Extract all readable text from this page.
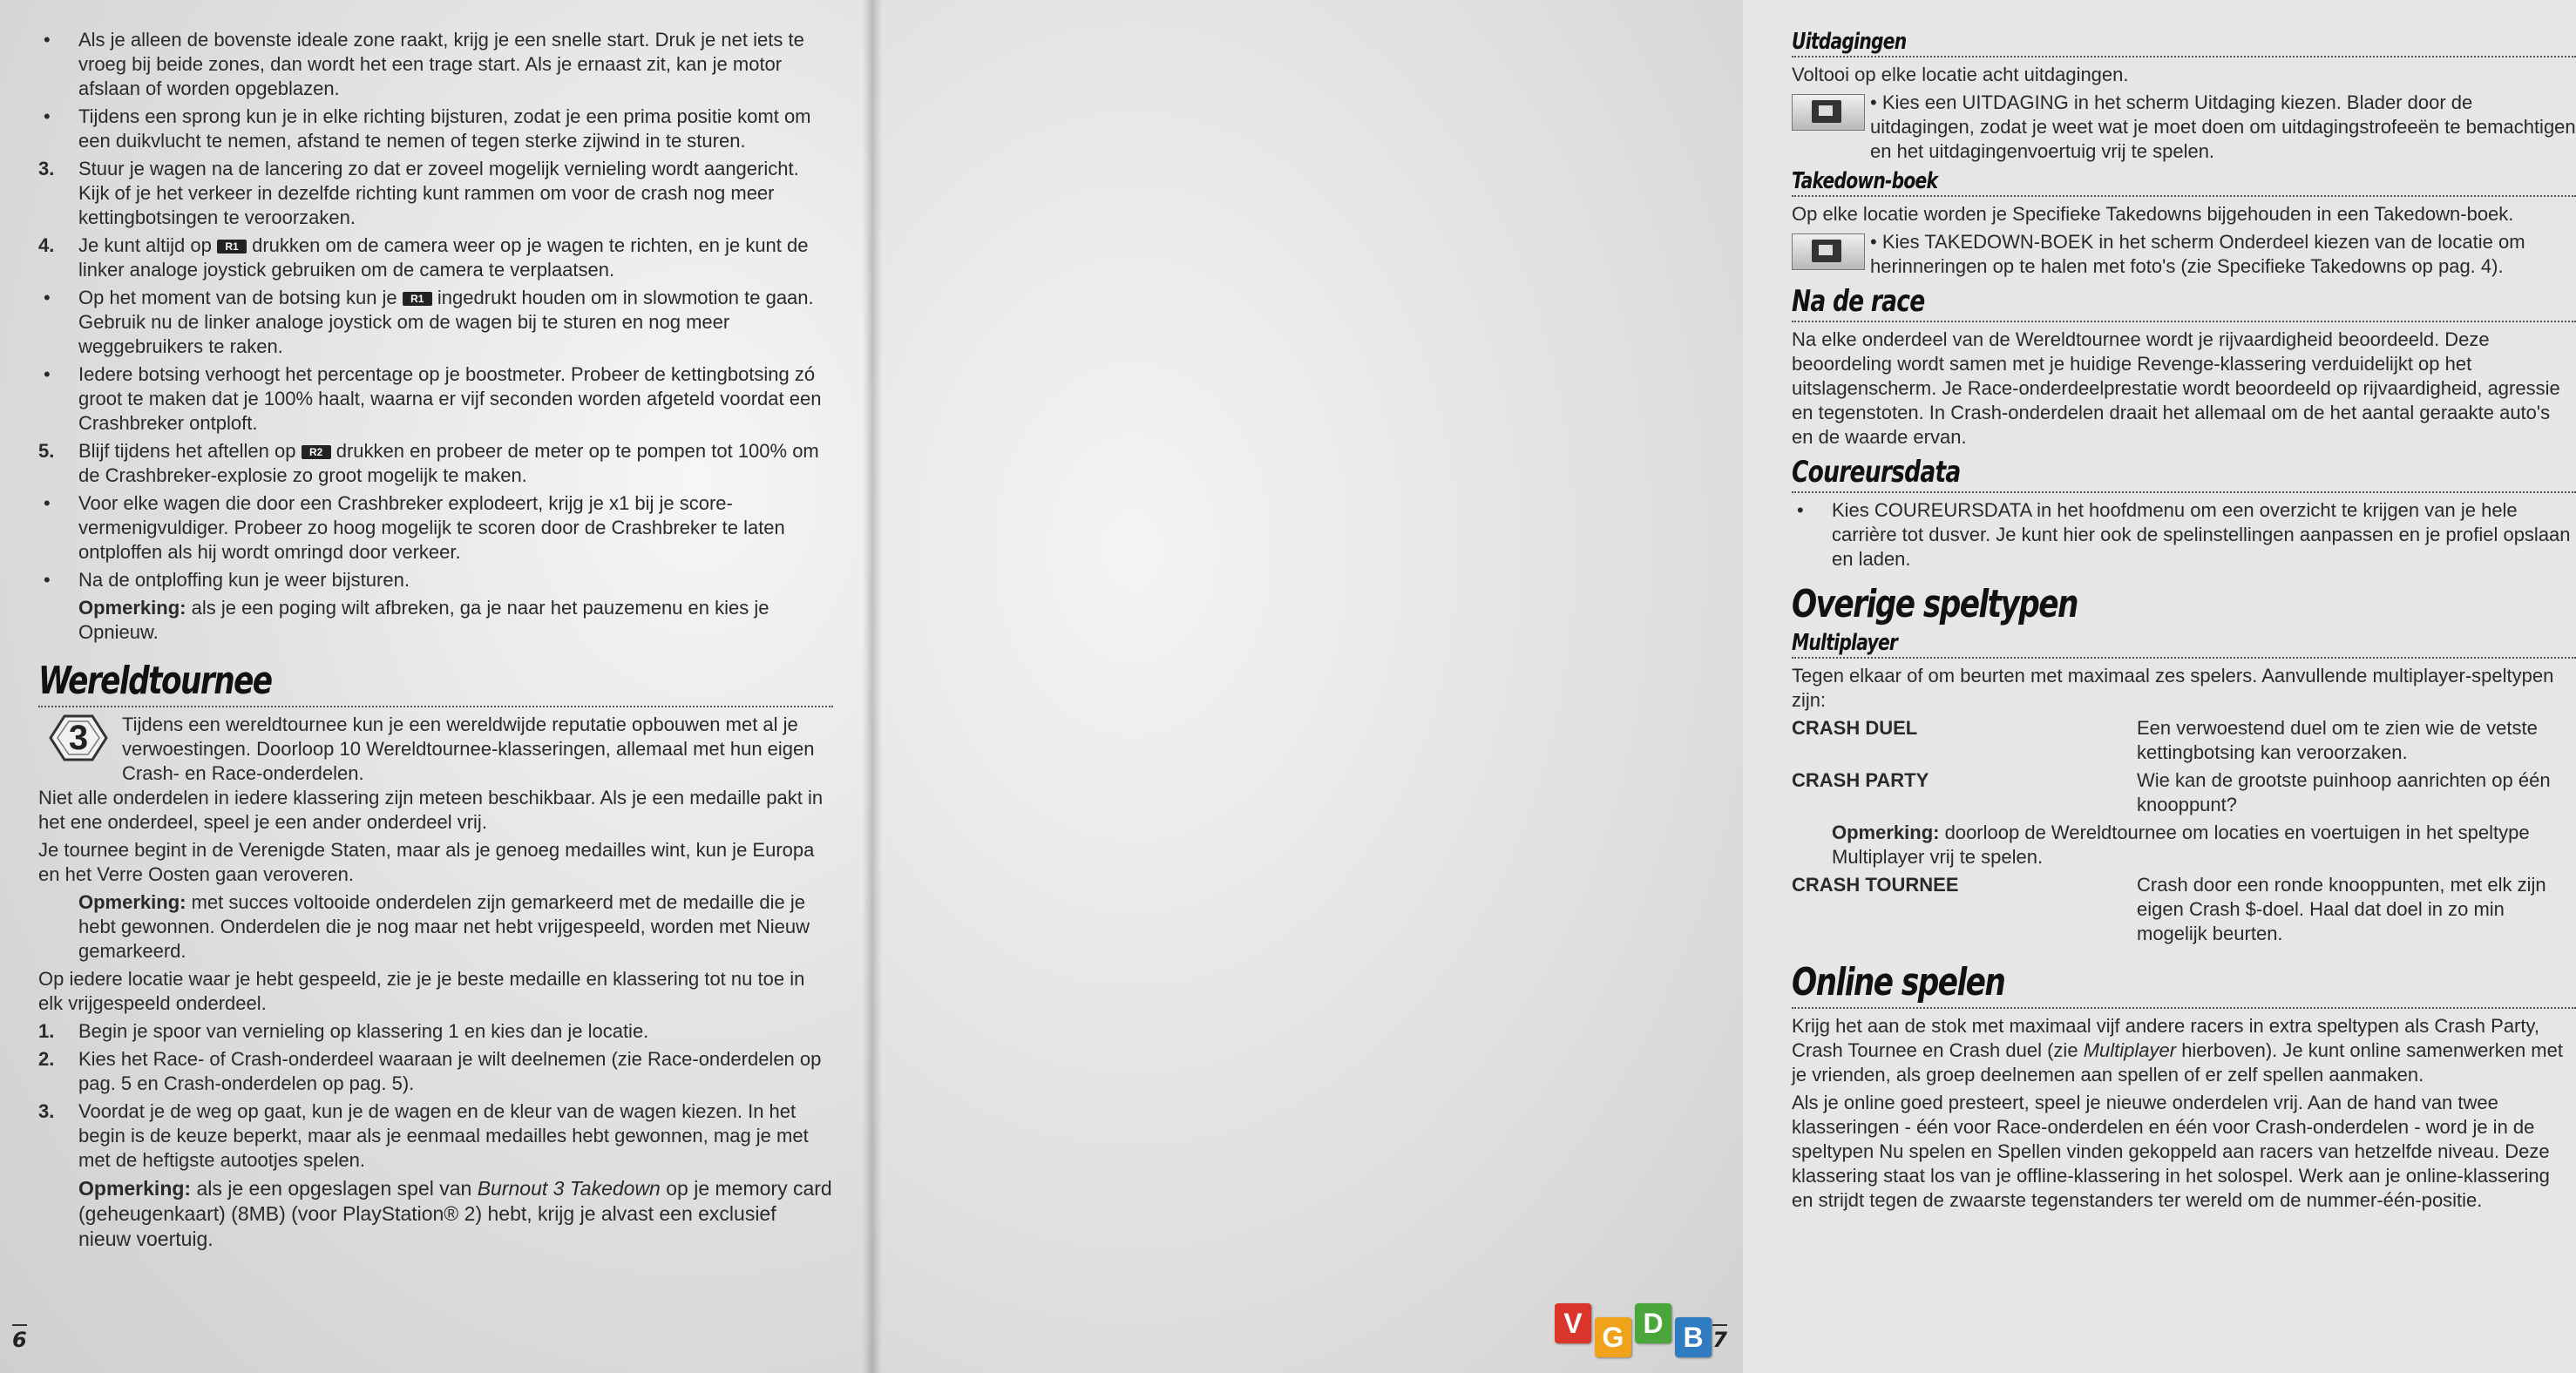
•	Als je alleen de bovenste ideale zone raakt, krijg je een snelle start. Druk je net iets te vroeg bij beide zones, dan wordt het een trage start. Als je ernaast zit, kan je motor afslaan of worden opgeblazen.
•	Tijdens een sprong kun je in elke richting bijsturen, zodat je een prima positie komt om een duikvlucht te nemen, afstand te nemen of tegen sterke zijwind in te sturen.
3.	Stuur je wagen na de lancering zo dat er zoveel mogelijk vernieling wordt aangericht. Kijk of je het verkeer in dezelfde richting kunt rammen om voor de crash nog meer kettingbotsingen te veroorzaken.
4.	Je kunt altijd op R1 drukken om de camera weer op je wagen te richten, en je kunt de linker analoge joystick gebruiken om de camera te verplaatsen.
•	Op het moment van de botsing kun je R1 ingedrukt houden om in slowmotion te gaan. Gebruik nu de linker analoge joystick om de wagen bij te sturen en nog meer weggebruikers te raken.
•	Iedere botsing verhoogt het percentage op je boostmeter. Probeer de kettingbotsing zó groot te maken dat je 100% haalt, waarna er vijf seconden worden afgeteld voordat een Crashbreker ontploft.
5.	Blijf tijdens het aftellen op R2 drukken en probeer de meter op te pompen tot 100% om de Crashbreker-explosie zo groot mogelijk te maken.
•	Voor elke wagen die door een Crashbreker explodeert, krijg je x1 bij je score-vermenigvuldiger. Probeer zo hoog mogelijk te scoren door de Crashbreker te laten ontploffen als hij wordt omringd door verkeer.
•	Na de ontploffing kun je weer bijsturen.
Opmerking: als je een poging wilt afbreken, ga je naar het pauzemenu en kies je Opnieuw.
Wereldtournee
3	Tijdens een wereldtournee kun je een wereldwijde reputatie opbouwen met al je verwoestingen. Doorloop 10 Wereldtournee-klasseringen, allemaal met hun eigen Crash- en Race-onderdelen.
Niet alle onderdelen in iedere klassering zijn meteen beschikbaar. Als je een medaille pakt in het ene onderdeel, speel je een ander onderdeel vrij.
Je tournee begint in de Verenigde Staten, maar als je genoeg medailles wint, kun je Europa en het Verre Oosten gaan veroveren.
Opmerking: met succes voltooide onderdelen zijn gemarkeerd met de medaille die je hebt gewonnen. Onderdelen die je nog maar net hebt vrijgespeeld, worden met Nieuw gemarkeerd.
Op iedere locatie waar je hebt gespeeld, zie je je beste medaille en klassering tot nu toe in elk vrijgespeeld onderdeel.
1.	Begin je spoor van vernieling op klassering 1 en kies dan je locatie.
2.	Kies het Race- of Crash-onderdeel waaraan je wilt deelnemen (zie Race-onderdelen op pag. 5 en Crash-onderdelen op pag. 5).
3.	Voordat je de weg op gaat, kun je de wagen en de kleur van de wagen kiezen. In het begin is de keuze beperkt, maar als je eenmaal medailles hebt gewonnen, mag je met met de heftigste autootjes spelen.
Opmerking: als je een opgeslagen spel van Burnout 3 Takedown op je memory card (geheugenkaart) (8MB) (voor PlayStation® 2) hebt, krijg je alvast een exclusief nieuw voertuig.
6
Uitdagingen
Voltooi op elke locatie acht uitdagingen.
• Kies een UITDAGING in het scherm Uitdaging kiezen. Blader door de uitdagingen, zodat je weet wat je moet doen om uitdagingstrofeeën te bemachtigen en het uitdagingenvoertuig vrij te spelen.
Takedown-boek
Op elke locatie worden je Specifieke Takedowns bijgehouden in een Takedown-boek.
• Kies TAKEDOWN-BOEK in het scherm Onderdeel kiezen van de locatie om herinneringen op te halen met foto's (zie Specifieke Takedowns op pag. 4).
Na de race
Na elke onderdeel van de Wereldtournee wordt je rijvaardigheid beoordeeld. Deze beoordeling wordt samen met je huidige Revenge-klassering verduidelijkt op het uitslagenscherm. Je Race-onderdeelprestatie wordt beoordeeld op rijvaardigheid, agressie en tegenstoten. In Crash-onderdelen draait het allemaal om de het aantal geraakte auto's en de waarde ervan.
Coureursdata
•	Kies COUREURSDATA in het hoofdmenu om een overzicht te krijgen van je hele carrière tot dusver. Je kunt hier ook de spelinstellingen aanpassen en je profiel opslaan en laden.
Overige speltypen
Multiplayer
Tegen elkaar of om beurten met maximaal zes spelers. Aanvullende multiplayer-speltypen zijn:
CRASH DUEL	Een verwoestend duel om te zien wie de vetste kettingbotsing kan veroorzaken.
CRASH PARTY	Wie kan de grootste puinhoop aanrichten op één knooppunt?
Opmerking: doorloop de Wereldtournee om locaties en voertuigen in het speltype Multiplayer vrij te spelen.
CRASH TOURNEE	Crash door een ronde knooppunten, met elk zijn eigen Crash $-doel. Haal dat doel in zo min mogelijk beurten.
Online spelen
Krijg het aan de stok met maximaal vijf andere racers in extra speltypen als Crash Party, Crash Tournee en Crash duel (zie Multiplayer hierboven). Je kunt online samenwerken met je vrienden, als groep deelnemen aan spellen of er zelf spellen aanmaken.
Als je online goed presteert, speel je nieuwe onderdelen vrij. Aan de hand van twee klasseringen - één voor Race-onderdelen en één voor Crash-onderdelen - word je in de speltypen Nu spelen en Spellen vinden gekoppeld aan racers van hetzelfde niveau. Deze klassering staat los van je offline-klassering in het solospel. Werk aan je online-klassering en strijdt tegen de zwaarste tegenstanders ter wereld om de nummer-één-positie.
7
V G D B
